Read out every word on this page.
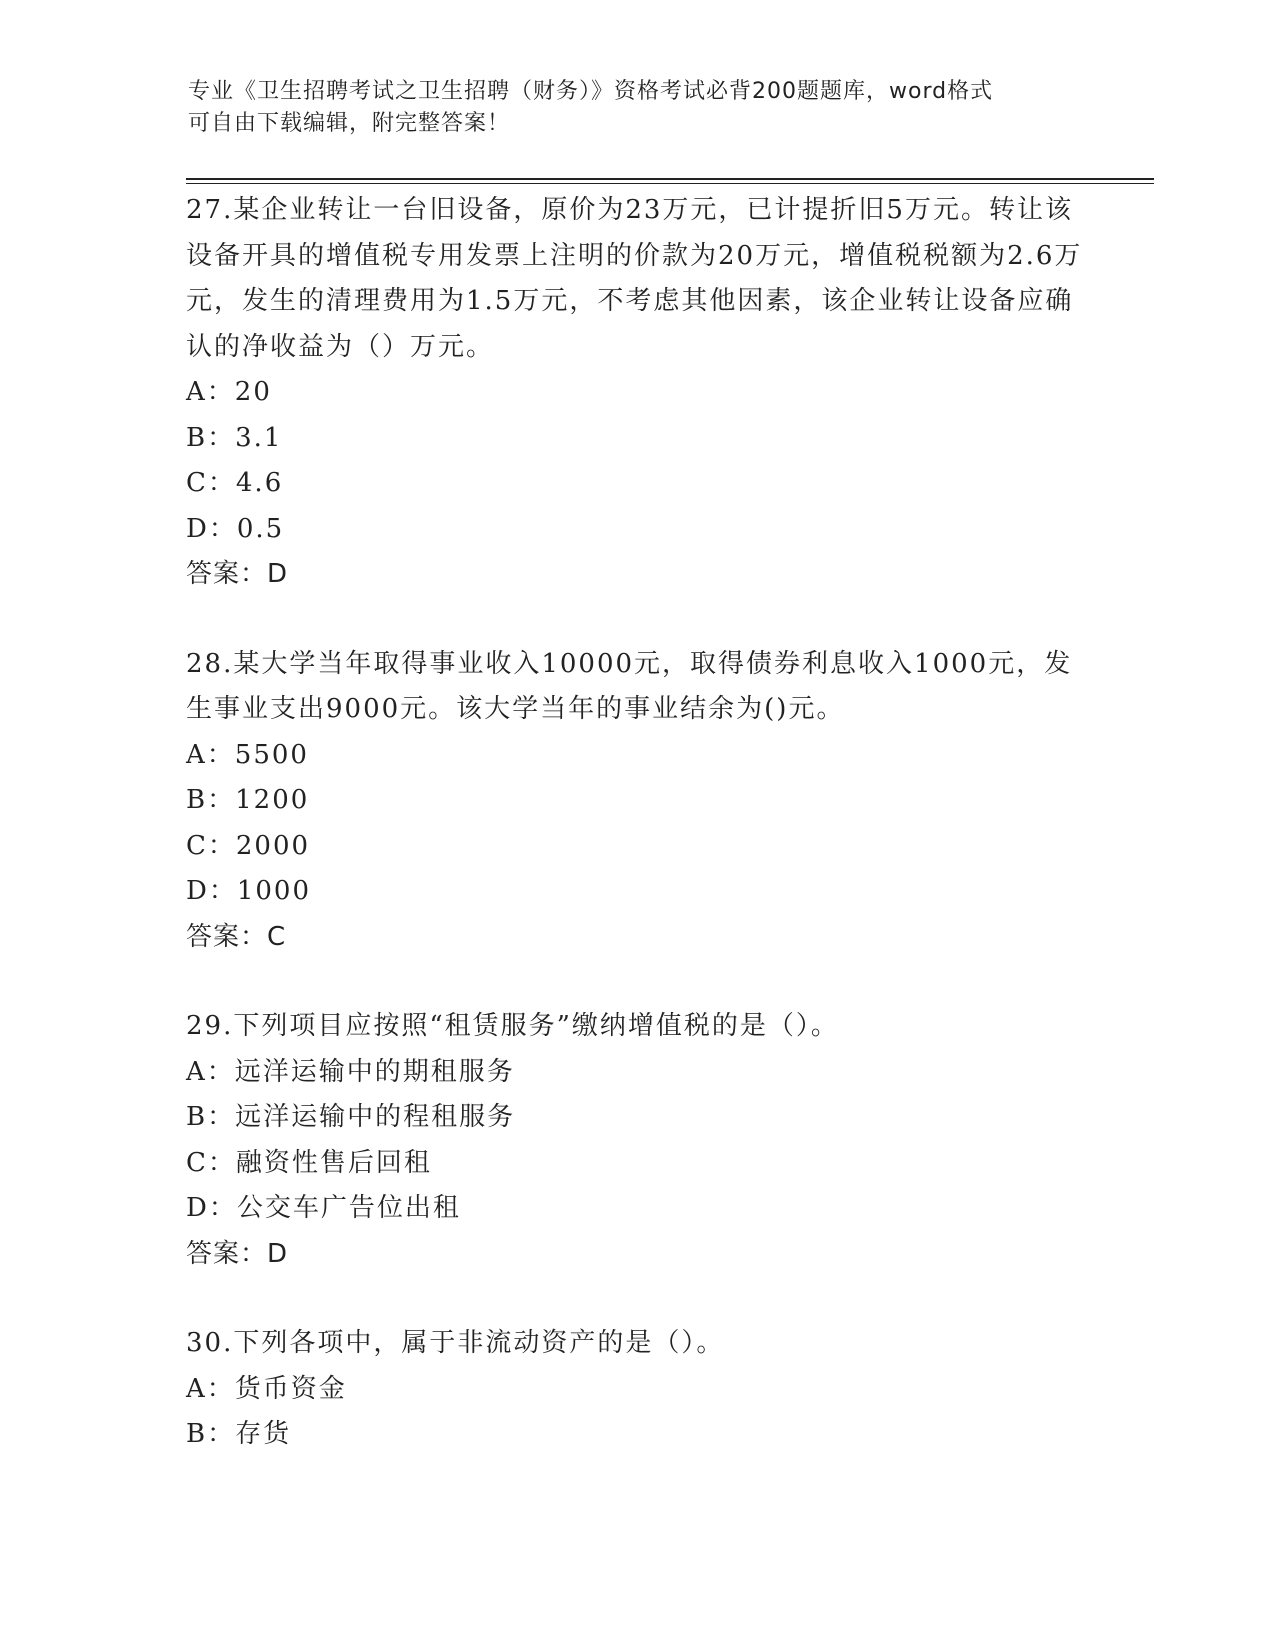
专业《卫生招聘考试之卫生招聘（财务）》资格考试必背200题题库，word格式
可自由下载编辑，附完整答案！
27.某企业转让一台旧设备，原价为23万元，已计提折旧5万元。转让该设备开具的增值税专用发票上注明的价款为20万元，增值税税额为2.6万元，发生的清理费用为1.5万元，不考虑其他因素，该企业转让设备应确认的净收益为（）万元。
A：20
B：3.1
C：4.6
D：0.5
答案：D
28.某大学当年取得事业收入10000元，取得债券利息收入1000元，发生事业支出9000元。该大学当年的事业结余为()元。
A：5500
B：1200
C：2000
D：1000
答案：C
29.下列项目应按照“租赁服务”缴纳增值税的是（）。
A：远洋运输中的期租服务
B：远洋运输中的程租服务
C：融资性售后回租
D：公交车广告位出租
答案：D
30.下列各项中，属于非流动资产的是（）。
A：货币资金
B：存货
